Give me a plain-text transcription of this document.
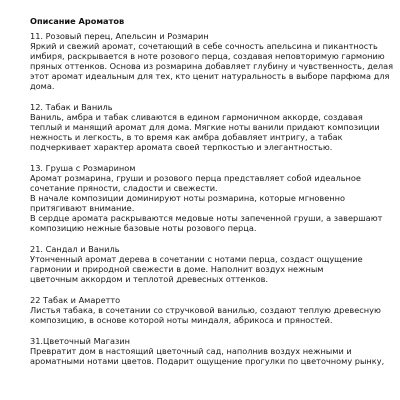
Описание Ароматов
11. Розовый перец, Апельсин и Розмарин
Яркий и свежий аромат, сочетающий в себе сочность апельсина и пикантность
имбиря, раскрывается в ноте розового перца, создавая неповторимую гармонию
пряных оттенков. Основа из розмарина добавляет глубину и чувственность, делая
этот аромат идеальным для тех, кто ценит натуральность в выборе парфюма для
дома.
12. Табак и Ваниль
Ваниль, амбра и табак сливаются в едином гармоничном аккорде, создавая
теплый и манящий аромат для дома. Мягкие ноты ванили придают композиции
нежность и легкость, в то время как амбра добавляет интригу, а табак
подчеркивает характер аромата своей терпкостью и элегантностью.
13. Груша с Розмарином
Аромат розмарина, груши и розового перца представляет собой идеальное
сочетание пряности, сладости и свежести.
В начале композиции доминируют ноты розмарина, которые мгновенно
притягивают внимание.
В сердце аромата раскрываются медовые ноты запеченной груши, а завершают
композицию нежные базовые ноты розового перца.
21. Сандал и Ваниль
Утонченный аромат дерева в сочетании с нотами перца, создаст ощущение
гармонии и природной свежести в доме. Наполнит воздух нежным
цветочным аккордом и теплотой древесных оттенков.
22 Табак и Амаретто
Листья табака, в сочетании со стручковой ванилью, создают теплую древесную
композицию, в основе которой ноты миндаля, абрикоса и пряностей.
31.Цветочный Магазин
Превратит дом в настоящий цветочный сад, наполнив воздух нежными и
ароматными нотами цветов. Подарит ощущение прогулки по цветочному рынку,
